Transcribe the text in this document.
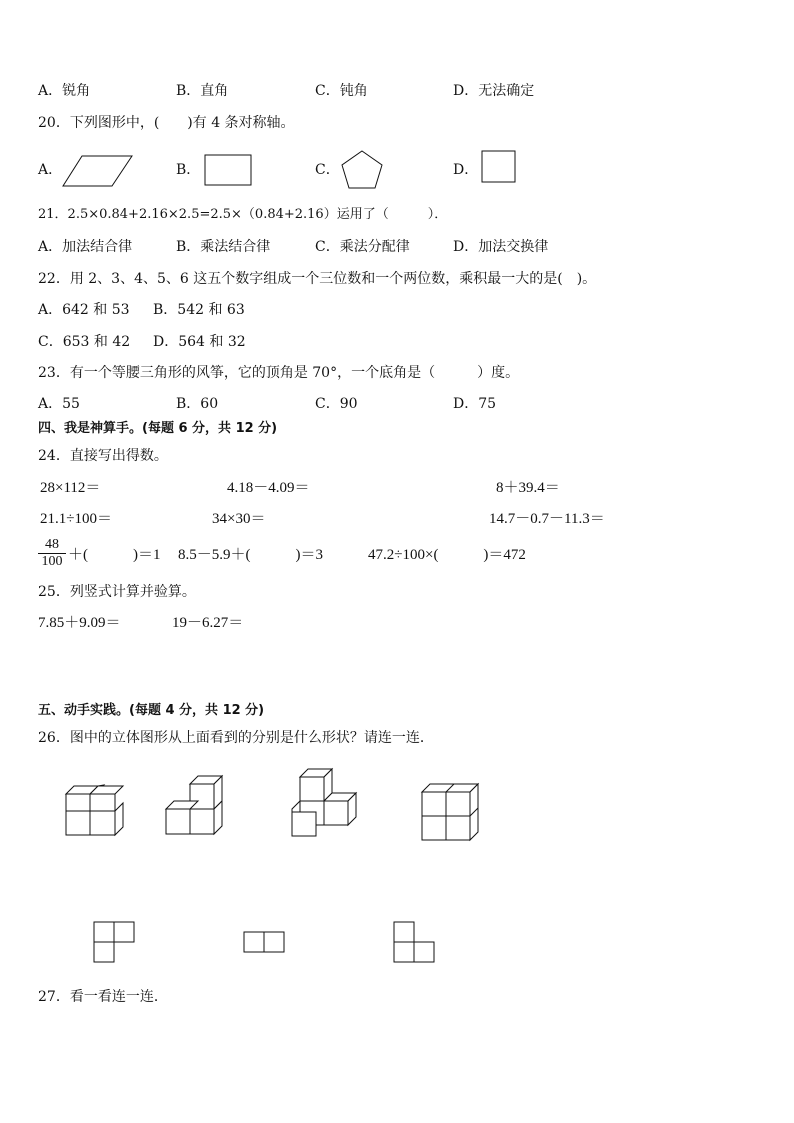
A．锐角	B．直角	C．钝角	D．无法确定
20．下列图形中，(　　)有 4 条对称轴。
A．	B．	C．	D．
21．2.5×0.84+2.16×2.5=2.5×（0.84+2.16）运用了（　　　）．
A．加法结合律	B．乘法结合律	C．乘法分配律	D．加法交换律
22．用 2、3、4、5、6 这五个数字组成一个三位数和一个两位数，乘积最一大的是(　)。
A．642 和 53 B．542 和 63
C．653 和 42 D．564 和 32
23．有一个等腰三角形的风筝，它的顶角是 70°，一个底角是（　　　）度。
A．55	B．60	C．90	D．75
四、我是神算手。(每题 6 分，共 12 分)
24．直接写出得数。
28×112＝	4.18－4.09＝	8＋39.4＝
21.1÷100＝	34×30＝	14.7－0.7－11.3＝
$\frac{48}{100}$ ＋(　　　)＝1 8.5－5.9＋(　　　)＝3	47.2÷100×(　　　)＝472
25．列竖式计算并验算。
7.85＋9.09＝	19－6.27＝
五、动手实践。(每题 4 分，共 12 分)
26．图中的立体图形从上面看到的分别是什么形状？请连一连．
27．看一看连一连．
